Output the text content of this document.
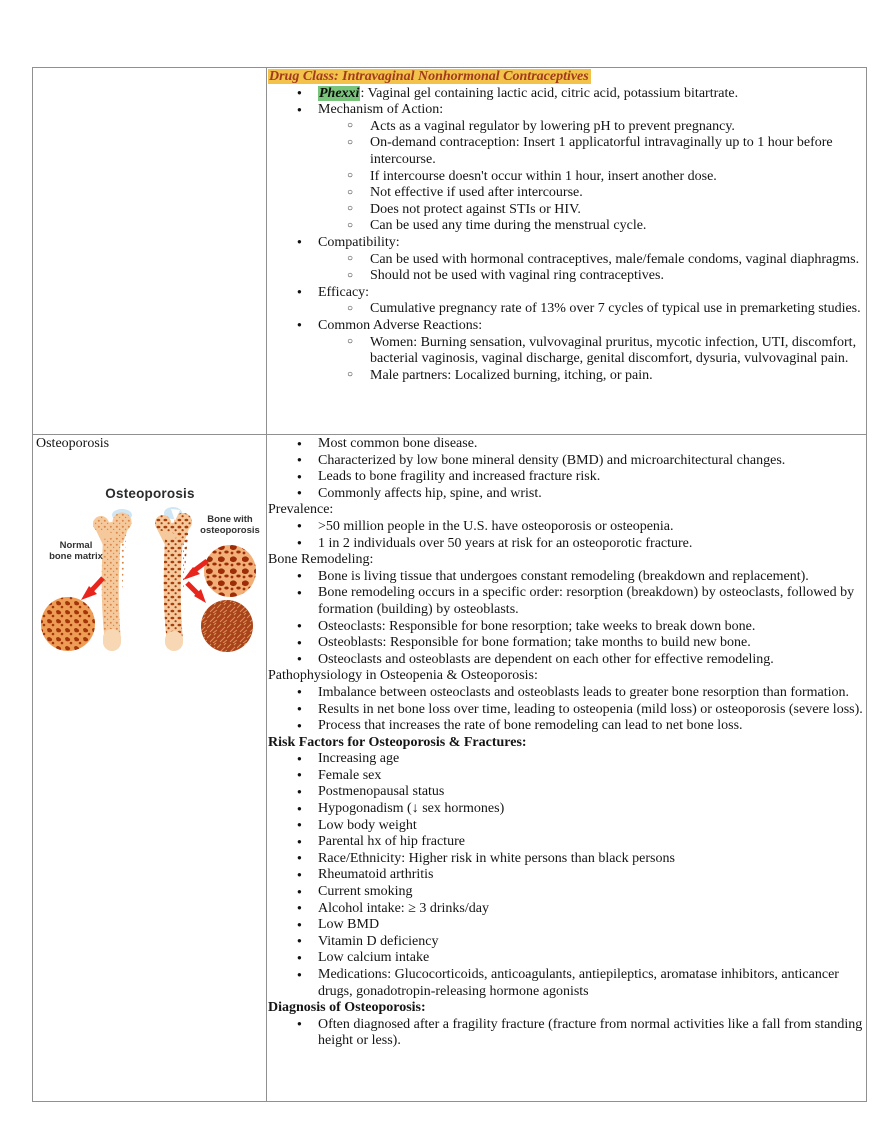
Drug Class: Intravaginal Nonhormonal Contraceptives
● Phexxi: Vaginal gel containing lactic acid, citric acid, potassium bitartrate.
● Mechanism of Action:
○ Acts as a vaginal regulator by lowering pH to prevent pregnancy.
○ On-demand contraception: Insert 1 applicatorful intravaginally up to 1 hour before intercourse.
○ If intercourse doesn't occur within 1 hour, insert another dose.
○ Not effective if used after intercourse.
○ Does not protect against STIs or HIV.
○ Can be used any time during the menstrual cycle.
● Compatibility:
○ Can be used with hormonal contraceptives, male/female condoms, vaginal diaphragms.
○ Should not be used with vaginal ring contraceptives.
● Efficacy:
○ Cumulative pregnancy rate of 13% over 7 cycles of typical use in premarketing studies.
● Common Adverse Reactions:
○ Women: Burning sensation, vulvovaginal pruritus, mycotic infection, UTI, discomfort, bacterial vaginosis, vaginal discharge, genital discomfort, dysuria, vulvovaginal pain.
○ Male partners: Localized burning, itching, or pain.
Osteoporosis
Osteoporosis
Normal bone matrix
Bone with osteoporosis
● Most common bone disease.
● Characterized by low bone mineral density (BMD) and microarchitectural changes.
● Leads to bone fragility and increased fracture risk.
● Commonly affects hip, spine, and wrist.
Prevalence:
● >50 million people in the U.S. have osteoporosis or osteopenia.
● 1 in 2 individuals over 50 years at risk for an osteoporotic fracture.
Bone Remodeling:
● Bone is living tissue that undergoes constant remodeling (breakdown and replacement).
● Bone remodeling occurs in a specific order: resorption (breakdown) by osteoclasts, followed by formation (building) by osteoblasts.
● Osteoclasts: Responsible for bone resorption; take weeks to break down bone.
● Osteoblasts: Responsible for bone formation; take months to build new bone.
● Osteoclasts and osteoblasts are dependent on each other for effective remodeling.
Pathophysiology in Osteopenia & Osteoporosis:
● Imbalance between osteoclasts and osteoblasts leads to greater bone resorption than formation.
● Results in net bone loss over time, leading to osteopenia (mild loss) or osteoporosis (severe loss).
● Process that increases the rate of bone remodeling can lead to net bone loss.
Risk Factors for Osteoporosis & Fractures:
● Increasing age
● Female sex
● Postmenopausal status
● Hypogonadism (↓ sex hormones)
● Low body weight
● Parental hx of hip fracture
● Race/Ethnicity: Higher risk in white persons than black persons
● Rheumatoid arthritis
● Current smoking
● Alcohol intake: ≥ 3 drinks/day
● Low BMD
● Vitamin D deficiency
● Low calcium intake
● Medications: Glucocorticoids, anticoagulants, antiepileptics, aromatase inhibitors, anticancer drugs, gonadotropin-releasing hormone agonists
Diagnosis of Osteoporosis:
● Often diagnosed after a fragility fracture (fracture from normal activities like a fall from standing height or less).
